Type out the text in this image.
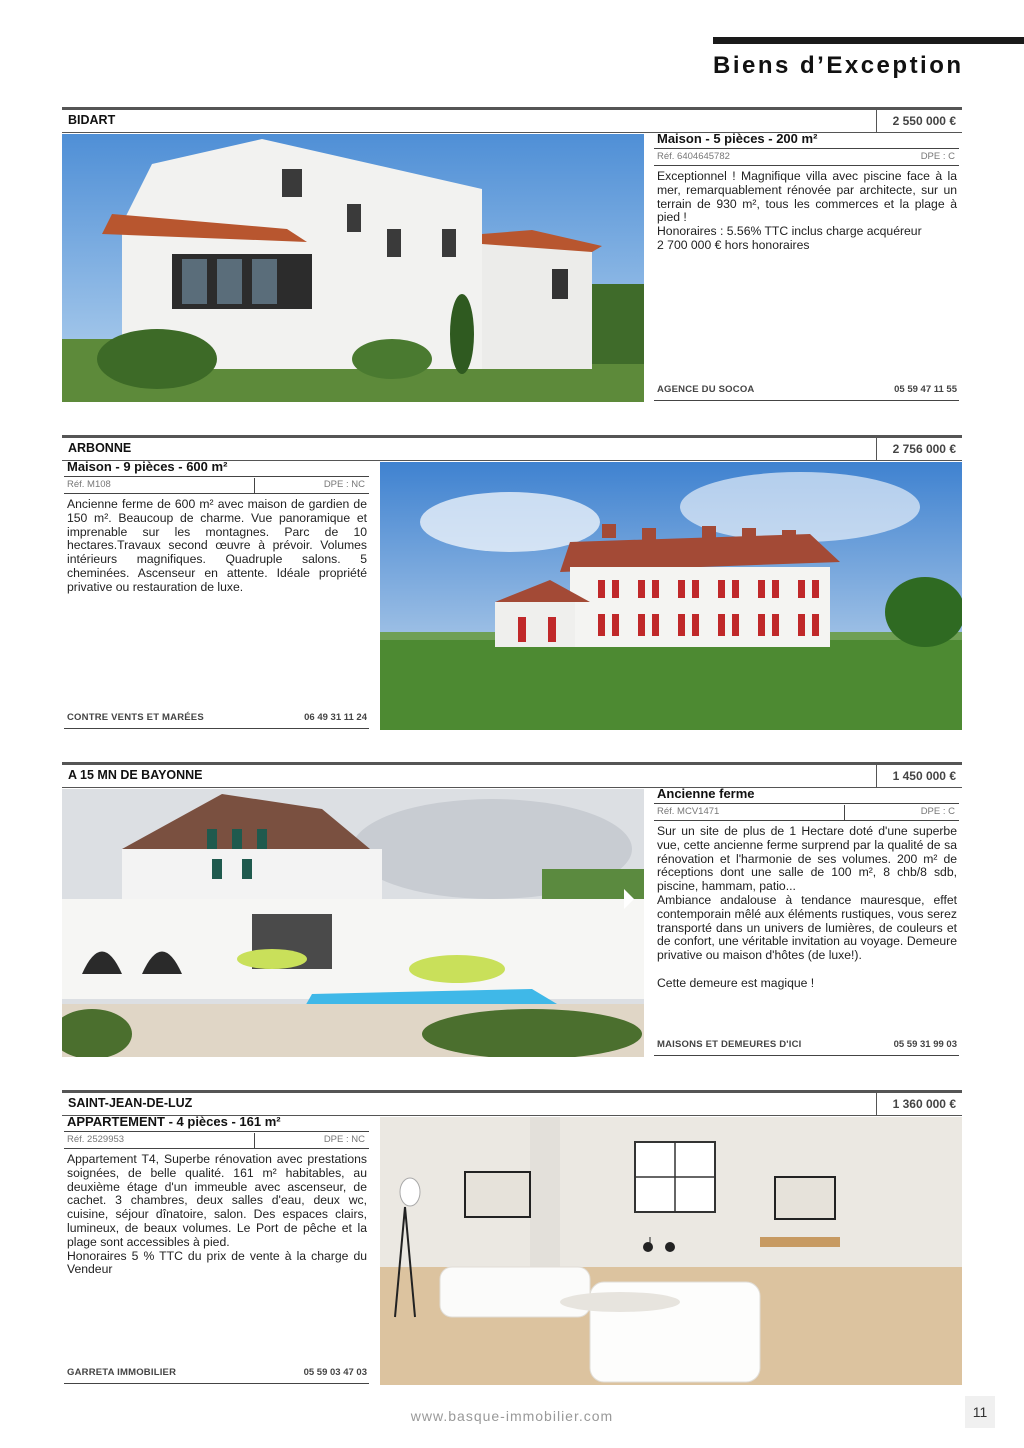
Biens d’Exception
BIDART	2 550 000 €
Maison - 5 pièces - 200 m²
Réf. 6404645782	DPE : C
Exceptionnel ! Magnifique villa avec piscine face à la mer, remarquablement rénovée par architecte, sur un terrain de 930 m², tous les commerces et la plage à pied !
Honoraires : 5.56% TTC inclus charge acquéreur
2 700 000 € hors honoraires
AGENCE DU SOCOA	05 59 47 11 55
ARBONNE	2 756 000 €
Maison - 9 pièces - 600 m²
Réf. M108	DPE : NC
Ancienne ferme de 600 m² avec maison de gardien de 150 m². Beaucoup de charme. Vue panoramique et imprenable sur les montagnes. Parc de 10 hectares.Travaux second œuvre à prévoir. Volumes intérieurs magnifiques. Quadruple salons. 5 cheminées. Ascenseur en attente. Idéale propriété privative ou restauration de luxe.
CONTRE VENTS ET MARÉES	06 49 31 11 24
A 15 MN DE BAYONNE	1 450 000 €
Ancienne ferme
Réf. MCV1471	DPE : C
Sur un site de plus de 1 Hectare doté d'une superbe vue, cette ancienne ferme surprend par la qualité de sa rénovation et l'harmonie de ses volumes. 200 m² de réceptions dont une salle de 100 m², 8 chb/8 sdb, piscine, hammam, patio...
Ambiance andalouse à tendance mauresque, effet contemporain mêlé aux éléments rustiques, vous serez transporté dans un univers de lumières, de couleurs et de confort, une véritable invitation au voyage. Demeure privative ou maison d'hôtes (de luxe!).

Cette demeure est magique !
MAISONS ET DEMEURES D'ICI	05 59 31 99 03
SAINT-JEAN-DE-LUZ	1 360 000 €
APPARTEMENT - 4 pièces - 161 m²
Réf. 2529953	DPE : NC
Appartement T4, Superbe rénovation avec prestations soignées, de belle qualité. 161 m² habitables, au deuxième étage d'un immeuble avec ascenseur, de cachet. 3 chambres, deux salles d'eau, deux wc, cuisine, séjour dînatoire, salon. Des espaces clairs, lumineux, de beaux volumes. Le Port de pêche et la plage sont accessibles à pied.
Honoraires 5 % TTC du prix de vente à la charge du Vendeur
GARRETA IMMOBILIER	05 59 03 47 03
www.basque-immobilier.com	11
